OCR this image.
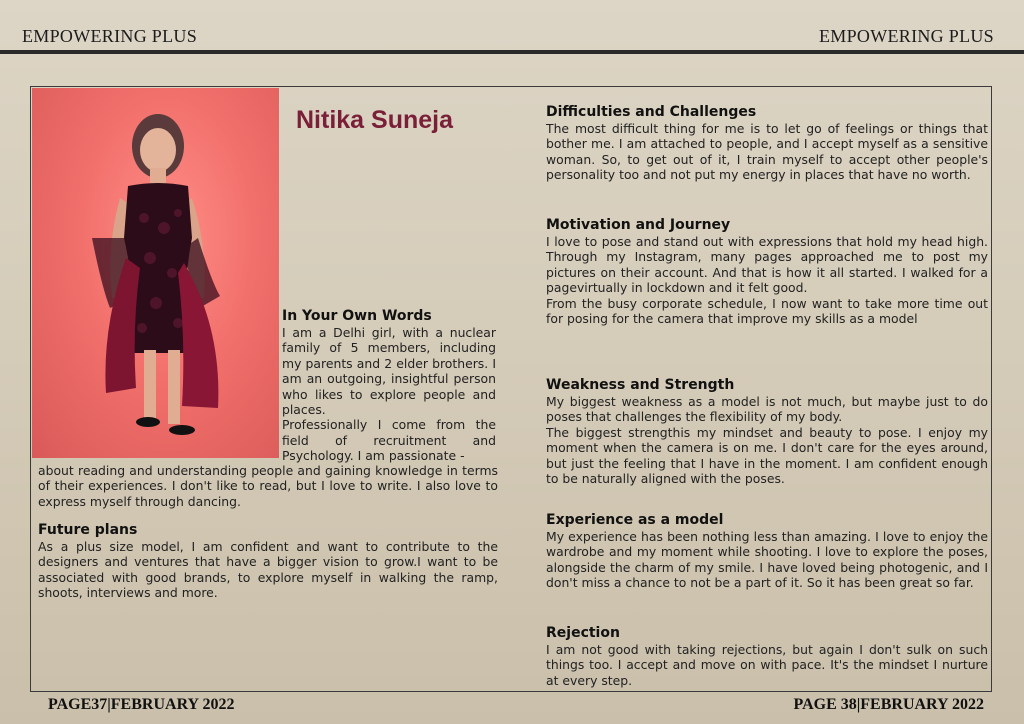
EMPOWERING PLUS	EMPOWERING PLUS
Nitika Suneja
In Your Own Words

I am a Delhi girl, with a nuclear family of 5 members, including my parents and 2 elder brothers. I am an outgoing, insightful person who likes to explore people and places.

Professionally I come from the field of recruitment and Psychology. I am passionate -

about reading and understanding people and gaining knowledge in terms of their experiences. I don't like to read, but I love to write. I also love to express myself through dancing.

Future plans

As a plus size model, I am confident and want to contribute to the designers and ventures that have a bigger vision to grow.I want to be associated with good brands, to explore myself in walking the ramp, shoots, interviews and more.

Difficulties and Challenges

The most difficult thing for me is to let go of feelings or things that bother me. I am attached to people, and I accept myself as a sensitive woman. So, to get out of it, I train myself to accept other people's personality too and not put my energy in places that have no worth.

Motivation and Journey

I love to pose and stand out with expressions that hold my head high. Through my Instagram, many pages approached me to post my pictures on their account. And that is how it all started. I walked for a pagevirtually in lockdown and it felt good.

From the busy corporate schedule, I now want to take more time out for posing for the camera that improve my skills as a model

Weakness and Strength

My biggest weakness as a model is not much, but maybe just to do poses that challenges the flexibility of my body.

The biggest strengthis my mindset and beauty to pose. I enjoy my moment when the camera is on me. I don't care for the eyes around, but just the feeling that I have in the moment. I am confident enough to be naturally aligned with the poses.

Experience as a model

My experience has been nothing less than amazing. I love to enjoy the wardrobe and my moment while shooting. I love to explore the poses, alongside the charm of my smile. I have loved being photogenic, and I don't miss a chance to not be a part of it. So it has been great so far.

Rejection

I am not good with taking rejections, but again I don't sulk on such things too. I accept and move on with pace. It's the mindset I nurture at every step.

PAGE37|FEBRUARY 2022	PAGE 38|FEBRUARY 2022
